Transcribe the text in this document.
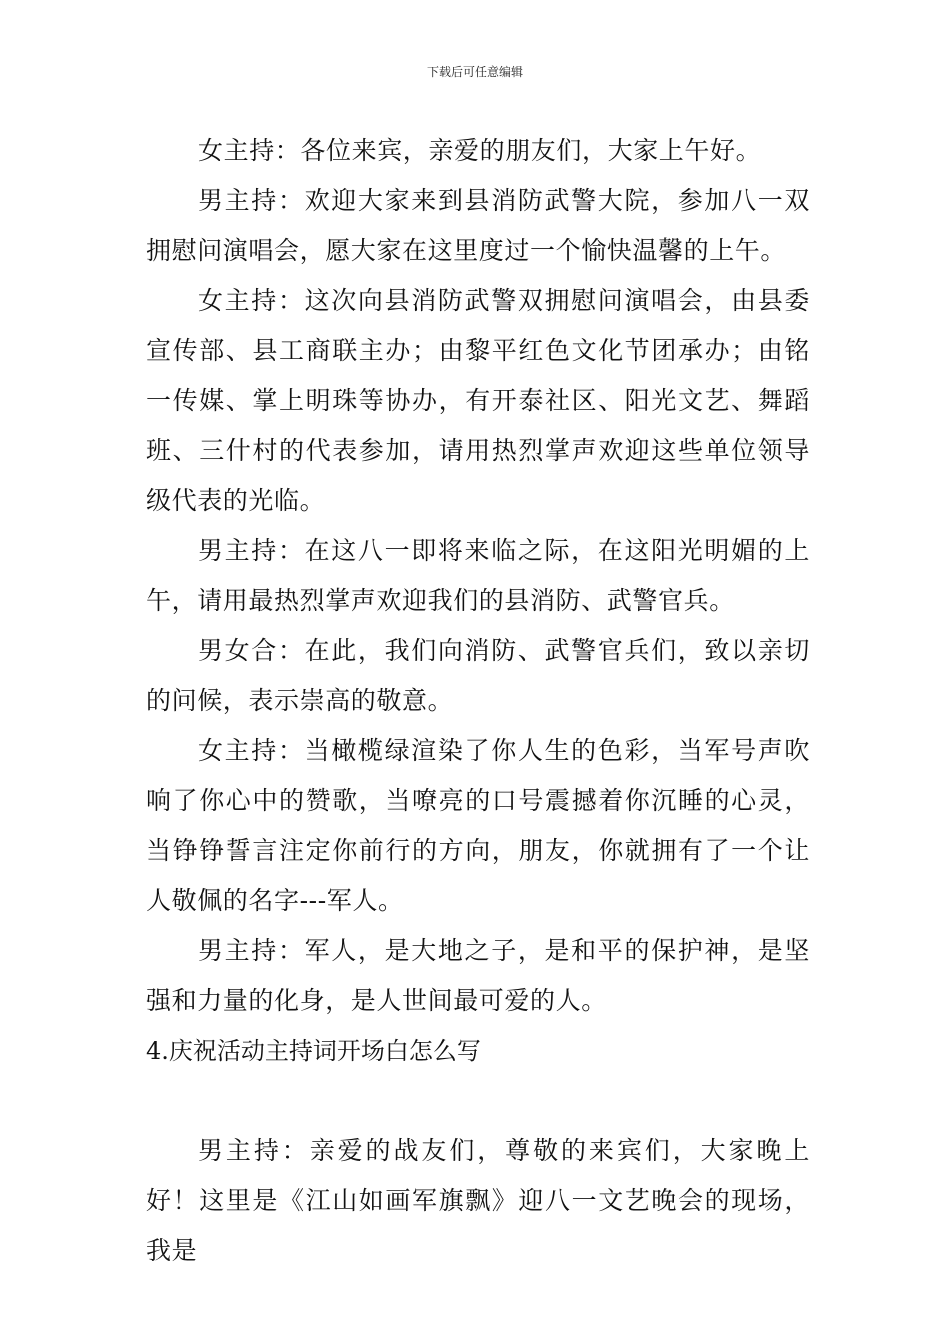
下载后可任意编辑

女主持：各位来宾，亲爱的朋友们，大家上午好。

男主持：欢迎大家来到县消防武警大院，参加八一双拥慰问演唱会，愿大家在这里度过一个愉快温馨的上午。

女主持：这次向县消防武警双拥慰问演唱会，由县委宣传部、县工商联主办；由黎平红色文化节团承办；由铭一传媒、掌上明珠等协办，有开泰社区、阳光文艺、舞蹈班、三什村的代表参加，请用热烈掌声欢迎这些单位领导级代表的光临。

男主持：在这八一即将来临之际，在这阳光明媚的上午，请用最热烈掌声欢迎我们的县消防、武警官兵。

男女合：在此，我们向消防、武警官兵们，致以亲切的问候，表示崇高的敬意。

女主持：当橄榄绿渲染了你人生的色彩，当军号声吹响了你心中的赞歌，当嘹亮的口号震撼着你沉睡的心灵，当铮铮誓言注定你前行的方向，朋友，你就拥有了一个让人敬佩的名字---军人。

男主持：军人，是大地之子，是和平的保护神，是坚强和力量的化身，是人世间最可爱的人。

4.庆祝活动主持词开场白怎么写

男主持：亲爱的战友们，尊敬的来宾们，大家晚上好！这里是《江山如画军旗飘》迎八一文艺晚会的现场，我是
